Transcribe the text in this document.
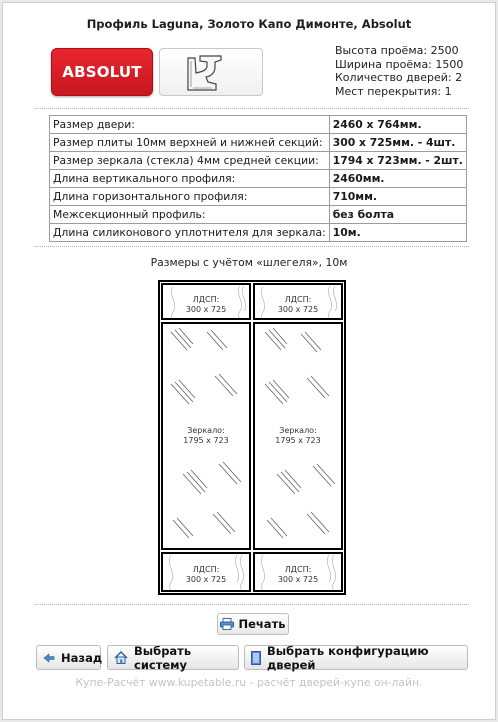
Профиль Laguna, Золото Капо Димонте, Absolut
ABSOLUT
Высота проёма: 2500
Ширина проёма: 1500
Количество дверей: 2
Мест перекрытия: 1
Размер двери:	2460 x 764мм.
Размер плиты 10мм верхней и нижней секций:	300 x 725мм. - 4шт.
Размер зеркала (стекла) 4мм средней секции:	1794 x 723мм. - 2шт.
Длина вертикального профиля:	2460мм.
Длина горизонтального профиля:	710мм.
Межсекционный профиль:	без болта
Длина силиконового уплотнителя для зеркала:	10м.
Размеры с учётом «шлегеля», 10м
ЛДСП:
300 x 725
Зеркало:
1795 x 723
ЛДСП:
300 x 725
ЛДСП:
300 x 725
Зеркало:
1795 x 723
ЛДСП:
300 x 725
Печать
Назад	Выбрать систему
Выбрать конфигурацию дверей
Купе-Расчёт www.kupetable.ru - расчёт дверей-купе он-лайн.
